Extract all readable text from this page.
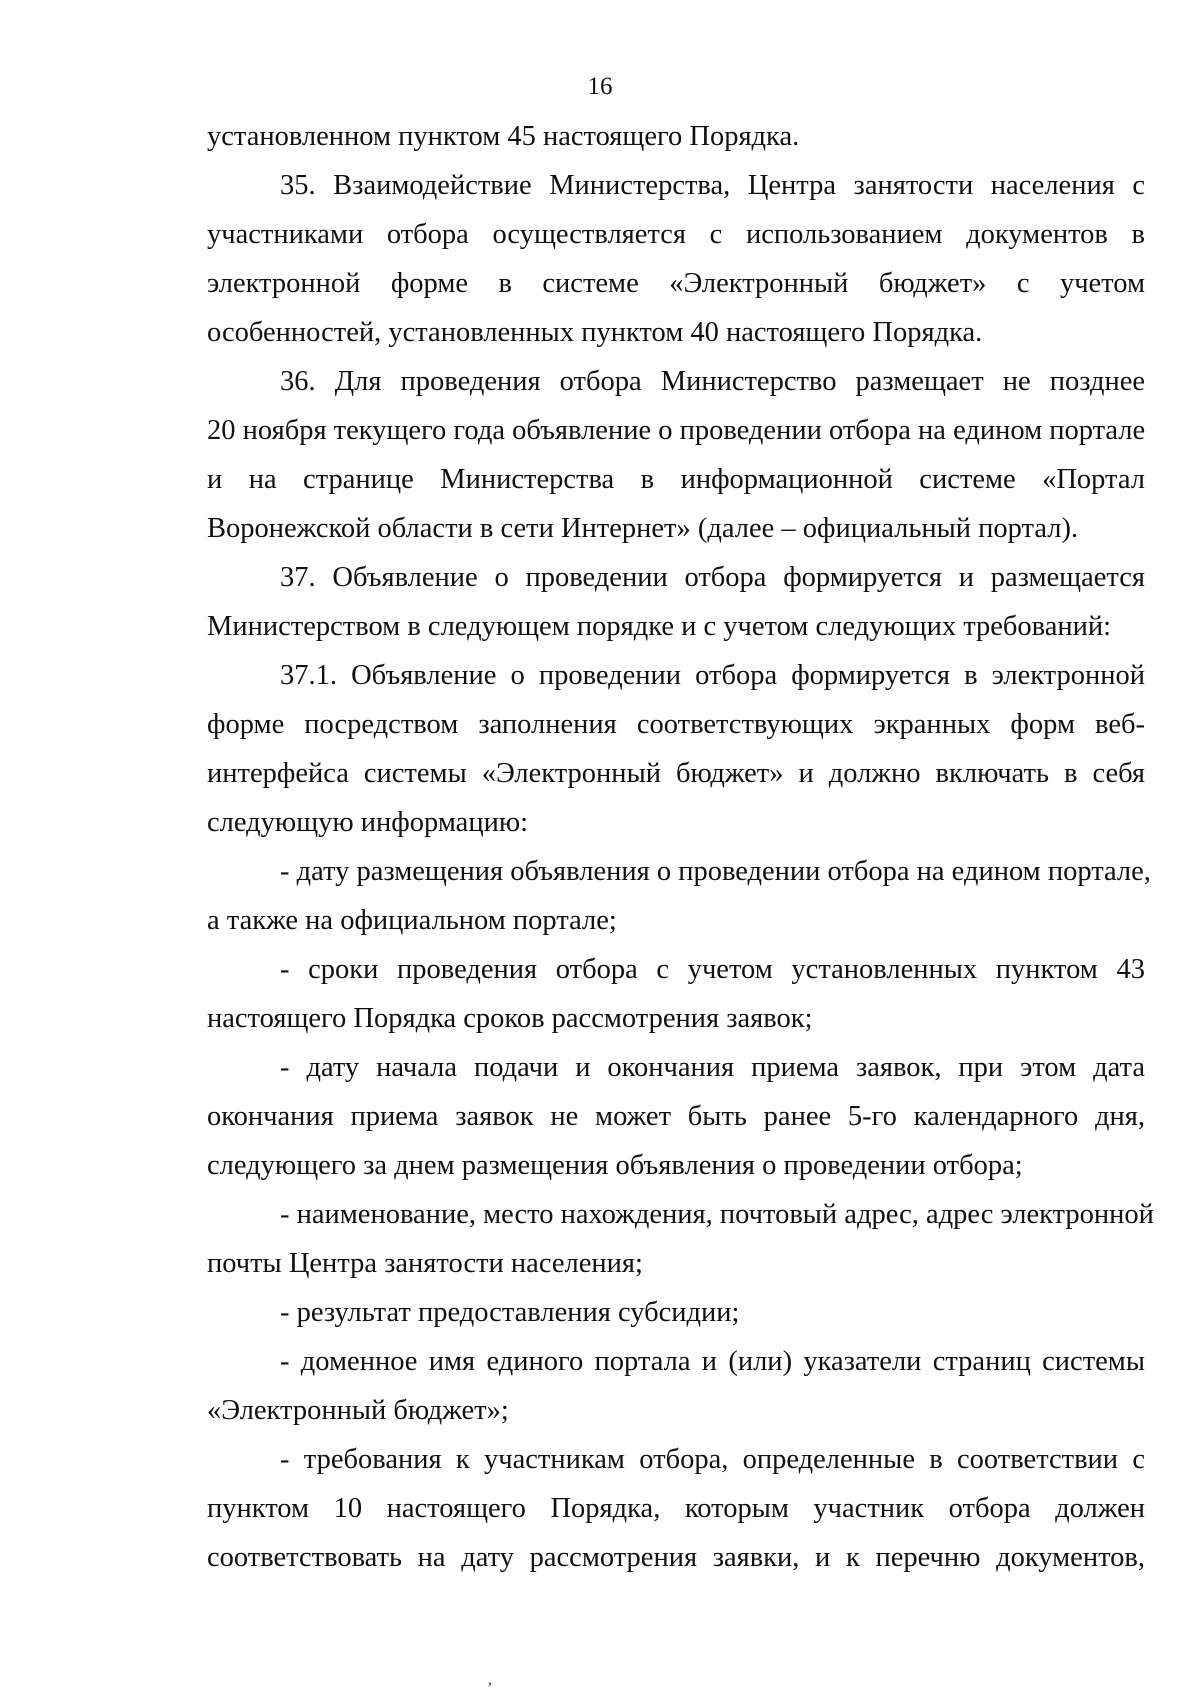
16
установленном пунктом 45 настоящего Порядка.
35. Взаимодействие Министерства, Центра занятости населения с
участниками отбора осуществляется с использованием документов в
электронной форме в системе «Электронный бюджет» с учетом
особенностей, установленных пунктом 40 настоящего Порядка.
36. Для проведения отбора Министерство размещает не позднее
20 ноября текущего года объявление о проведении отбора на едином портале
и на странице Министерства в информационной системе «Портал
Воронежской области в сети Интернет» (далее – официальный портал).
37. Объявление о проведении отбора формируется и размещается
Министерством в следующем порядке и с учетом следующих требований:
37.1. Объявление о проведении отбора формируется в электронной
форме посредством заполнения соответствующих экранных форм веб-
интерфейса системы «Электронный бюджет» и должно включать в себя
следующую информацию:
- дату размещения объявления о проведении отбора на едином портале,
а также на официальном портале;
- сроки проведения отбора с учетом установленных пунктом 43
настоящего Порядка сроков рассмотрения заявок;
- дату начала подачи и окончания приема заявок, при этом дата
окончания приема заявок не может быть ранее 5-го календарного дня,
следующего за днем размещения объявления о проведении отбора;
- наименование, место нахождения, почтовый адрес, адрес электронной
почты Центра занятости населения;
- результат предоставления субсидии;
- доменное имя единого портала и (или) указатели страниц системы
«Электронный бюджет»;
- требования к участникам отбора, определенные в соответствии с
пунктом 10 настоящего Порядка, которым участник отбора должен
соответствовать на дату рассмотрения заявки, и к перечню документов,
,
